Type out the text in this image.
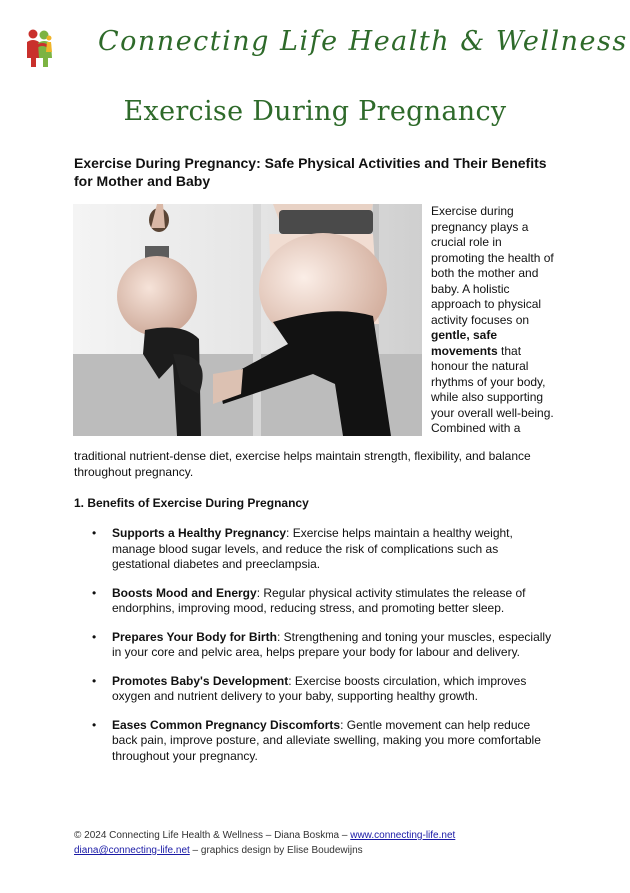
Connecting Life Health & Wellness
Exercise During Pregnancy
Exercise During Pregnancy: Safe Physical Activities and Their Benefits for Mother and Baby
Exercise during pregnancy plays a crucial role in promoting the health of both the mother and baby. A holistic approach to physical activity focuses on gentle, safe movements that honour the natural rhythms of your body, while also supporting your overall well-being. Combined with a
traditional nutrient-dense diet, exercise helps maintain strength, flexibility, and balance throughout pregnancy.
1. Benefits of Exercise During Pregnancy
• Supports a Healthy Pregnancy: Exercise helps maintain a healthy weight, manage blood sugar levels, and reduce the risk of complications such as gestational diabetes and preeclampsia.
• Boosts Mood and Energy: Regular physical activity stimulates the release of endorphins, improving mood, reducing stress, and promoting better sleep.
• Prepares Your Body for Birth: Strengthening and toning your muscles, especially in your core and pelvic area, helps prepare your body for labour and delivery.
• Promotes Baby's Development: Exercise boosts circulation, which improves oxygen and nutrient delivery to your baby, supporting healthy growth.
• Eases Common Pregnancy Discomforts: Gentle movement can help reduce back pain, improve posture, and alleviate swelling, making you more comfortable throughout your pregnancy.
© 2024 Connecting Life Health & Wellness – Diana Boskma – www.connecting-life.net
diana@connecting-life.net – graphics design by Elise Boudewijns
